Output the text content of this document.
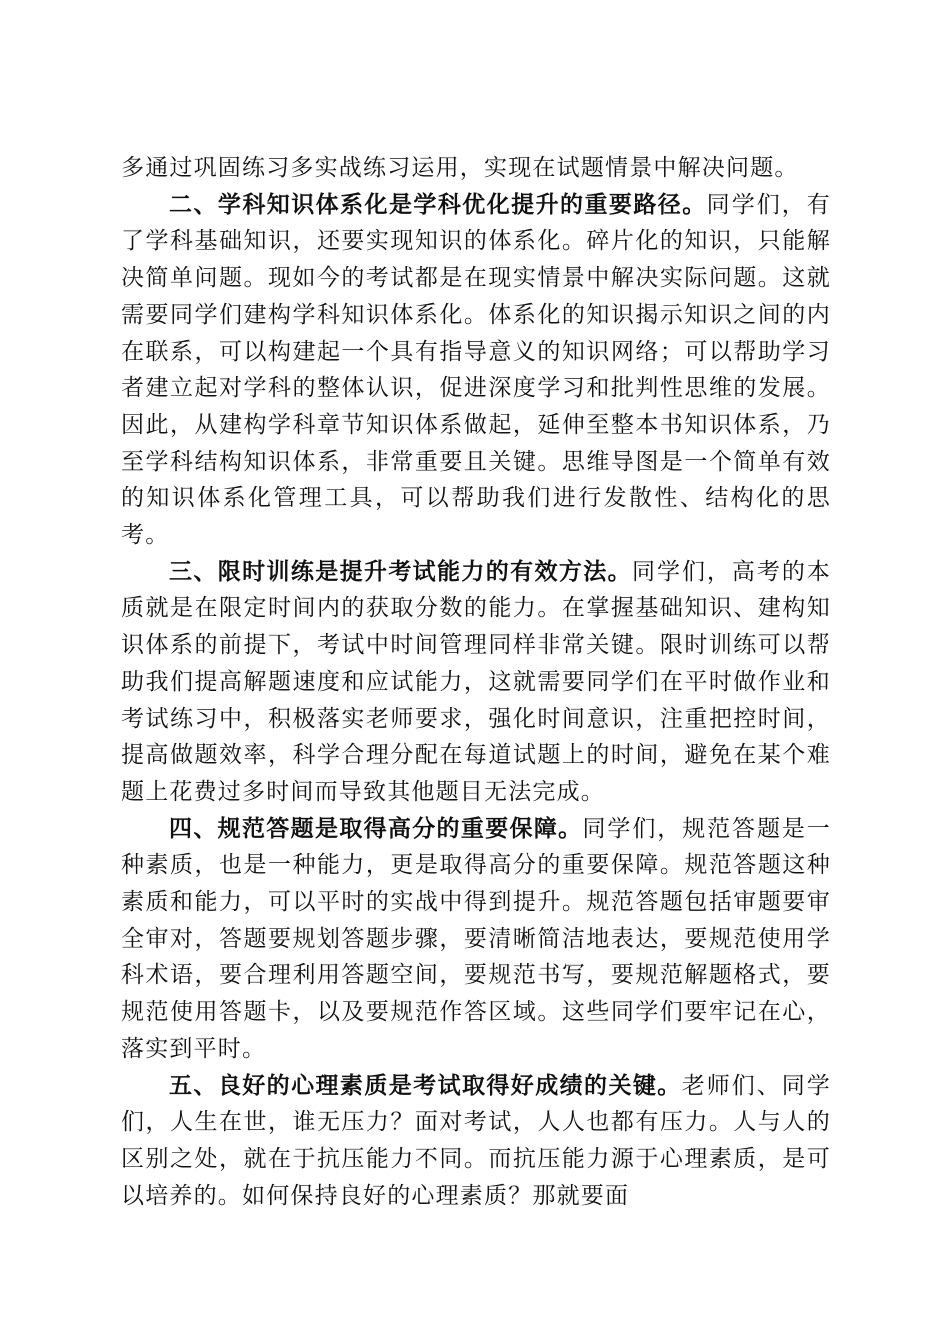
多通过巩固练习多实战练习运用，实现在试题情景中解决问题。

二、学科知识体系化是学科优化提升的重要路径。同学们，有了学科基础知识，还要实现知识的体系化。碎片化的知识，只能解决简单问题。现如今的考试都是在现实情景中解决实际问题。这就需要同学们建构学科知识体系化。体系化的知识揭示知识之间的内在联系，可以构建起一个具有指导意义的知识网络；可以帮助学习者建立起对学科的整体认识，促进深度学习和批判性思维的发展。因此，从建构学科章节知识体系做起，延伸至整本书知识体系，乃至学科结构知识体系，非常重要且关键。思维导图是一个简单有效的知识体系化管理工具，可以帮助我们进行发散性、结构化的思考。

三、限时训练是提升考试能力的有效方法。同学们，高考的本质就是在限定时间内的获取分数的能力。在掌握基础知识、建构知识体系的前提下，考试中时间管理同样非常关键。限时训练可以帮助我们提高解题速度和应试能力，这就需要同学们在平时做作业和考试练习中，积极落实老师要求，强化时间意识，注重把控时间，提高做题效率，科学合理分配在每道试题上的时间，避免在某个难题上花费过多时间而导致其他题目无法完成。

四、规范答题是取得高分的重要保障。同学们，规范答题是一种素质，也是一种能力，更是取得高分的重要保障。规范答题这种素质和能力，可以平时的实战中得到提升。规范答题包括审题要审全审对，答题要规划答题步骤，要清晰简洁地表达，要规范使用学科术语，要合理利用答题空间，要规范书写，要规范解题格式，要规范使用答题卡，以及要规范作答区域。这些同学们要牢记在心，落实到平时。

五、良好的心理素质是考试取得好成绩的关键。老师们、同学们，人生在世，谁无压力？面对考试，人人也都有压力。人与人的区别之处，就在于抗压能力不同。而抗压能力源于心理素质，是可以培养的。如何保持良好的心理素质？那就要面
